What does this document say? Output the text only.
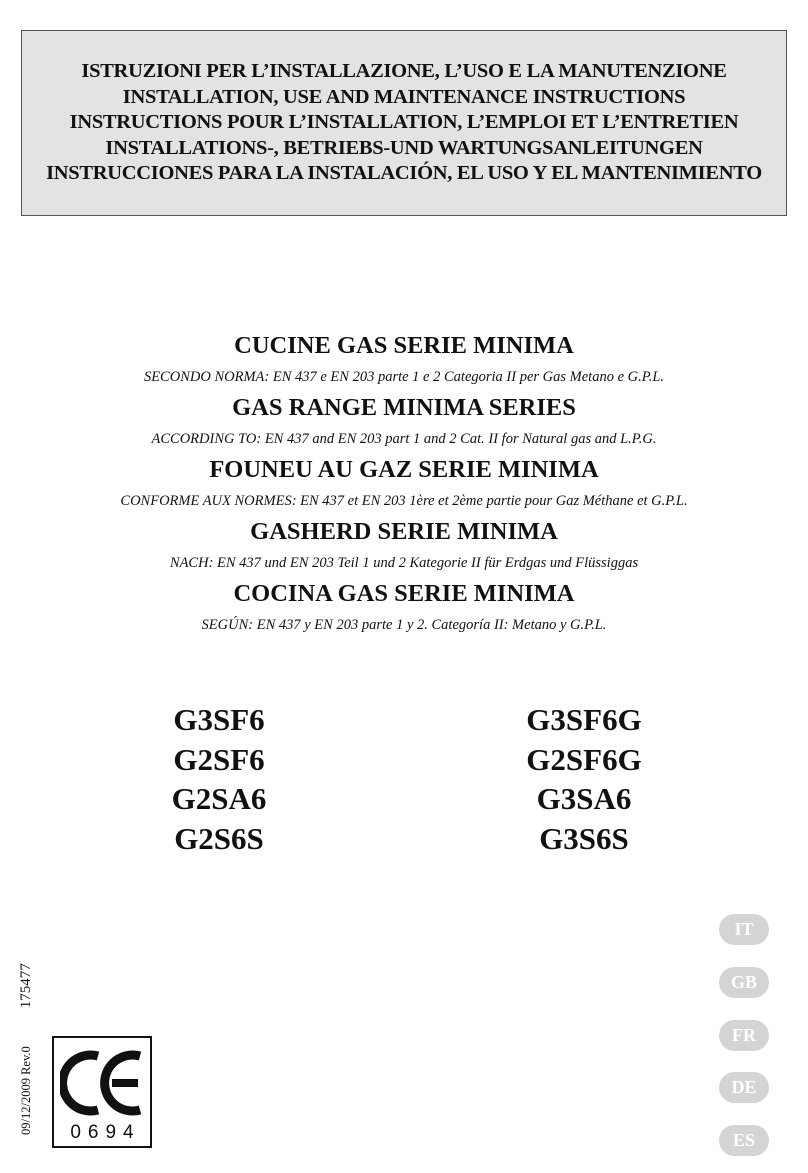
ISTRUZIONI PER L’INSTALLAZIONE, L’USO E LA MANUTENZIONE
INSTALLATION, USE AND MAINTENANCE INSTRUCTIONS
INSTRUCTIONS POUR L’INSTALLATION, L’EMPLOI ET L’ENTRETIEN
INSTALLATIONS-, BETRIEBS-UND WARTUNGSANLEITUNGEN
INSTRUCCIONES PARA LA INSTALACIÓN, EL USO Y EL MANTENIMIENTO
CUCINE GAS SERIE MINIMA
SECONDO NORMA: EN 437 e EN 203 parte 1 e 2 Categoria II per Gas Metano e G.P.L.
GAS RANGE MINIMA SERIES
ACCORDING TO: EN 437 and EN 203 part 1 and 2 Cat. II for Natural gas and L.P.G.
FOUNEU AU GAZ SERIE MINIMA
CONFORME AUX NORMES: EN 437 et EN 203 1ère et 2ème partie pour Gaz Méthane et G.P.L.
GASHERD SERIE MINIMA
NACH: EN 437 und EN 203 Teil 1 und 2 Kategorie II für Erdgas und Flüssiggas
COCINA GAS SERIE MINIMA
SEGÚN: EN 437 y EN 203 parte 1 y 2. Categoría II: Metano y G.P.L.
G3SF6
G2SF6
G2SA6
G2S6S
G3SF6G
G2SF6G
G3SA6
G3S6S
09/12/2009 Rev.0175477
0694
IT
GB
FR
DE
ES
